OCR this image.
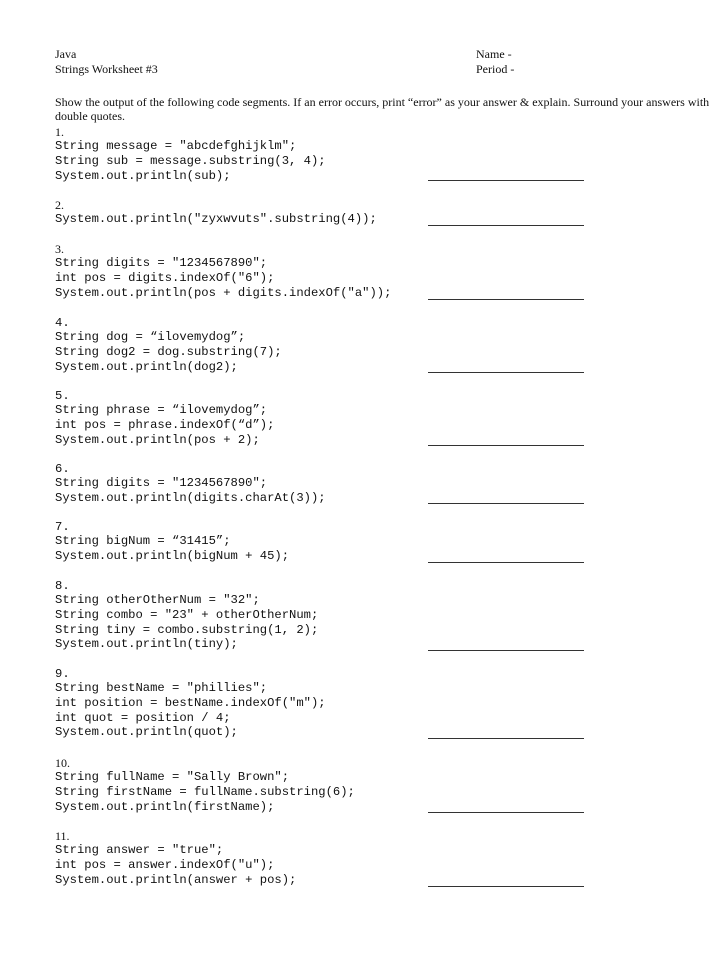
Java
Strings Worksheet #3
Name -
Period -
Show the output of the following code segments. If an error occurs, print “error” as your answer & explain. Surround your answers with double quotes.
1.
String message = "abcdefghijklm";
String sub = message.substring(3, 4);
System.out.println(sub);
2.
System.out.println("zyxwvuts".substring(4));
3.
String digits = "1234567890";
int pos = digits.indexOf("6");
System.out.println(pos + digits.indexOf("a"));
4.
String dog = “ilovemydog”;
String dog2 = dog.substring(7);
System.out.println(dog2);
5.
String phrase = “ilovemydog”;
int pos = phrase.indexOf(“d”);
System.out.println(pos + 2);
6.
String digits = "1234567890";
System.out.println(digits.charAt(3));
7.
String bigNum = “31415”;
System.out.println(bigNum + 45);
8.
String otherOtherNum = "32";
String combo = "23" + otherOtherNum;
String tiny = combo.substring(1, 2);
System.out.println(tiny);
9.
String bestName = "phillies";
int position = bestName.indexOf("m");
int quot = position / 4;
System.out.println(quot);
10.
String fullName = "Sally Brown";
String firstName = fullName.substring(6);
System.out.println(firstName);
11.
String answer = "true";
int pos = answer.indexOf("u");
System.out.println(answer + pos);
